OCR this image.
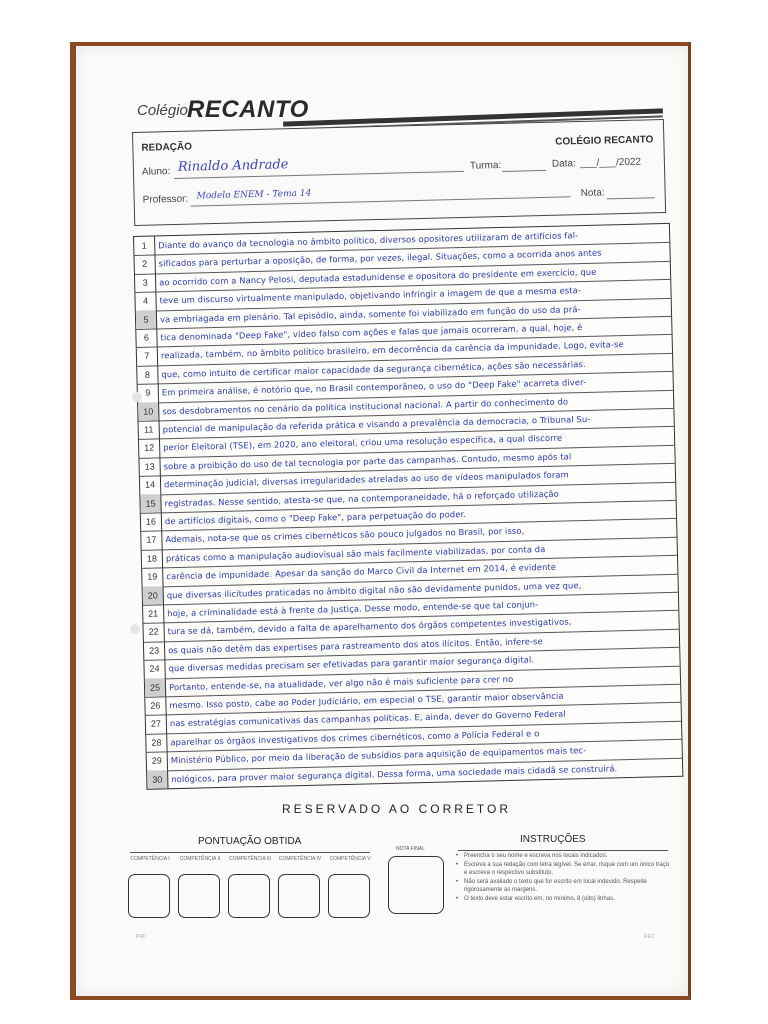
Colégio RECANTO
REDAÇÃO	COLÉGIO RECANTO
Aluno: Rinaldo Andrade	Turma:	Data: ___/___/2022
Professor: Modelo ENEM - Tema 14	Nota:
1	Diante do avanço da tecnologia no âmbito político, diversos opositores utilizaram de artifícios fal-
2	sificados para perturbar a oposição, de forma, por vezes, ilegal. Situações, como a ocorrida anos antes
3	ao ocorrido com a Nancy Pelosi, deputada estadunidense e opositora do presidente em exercício, que
4	teve um discurso virtualmente manipulado, objetivando infringir a imagem de que a mesma esta-
5	va embriagada em plenário. Tal episódio, ainda, somente foi viabilizado em função do uso da prá-
6	tica denominada "Deep Fake", vídeo falso com ações e falas que jamais ocorreram, a qual, hoje, é
7	realizada, também, no âmbito político brasileiro, em decorrência da carência da impunidade. Logo, evita-se
8	que, como intuito de certificar maior capacidade da segurança cibernética, ações são necessárias.
9	Em primeira análise, é notório que, no Brasil contemporâneo, o uso do "Deep Fake" acarreta diver-
10	sos desdobramentos no cenário da política institucional nacional. A partir do conhecimento do
11	potencial de manipulação da referida prática e visando a prevalência da democracia, o Tribunal Su-
12	perior Eleitoral (TSE), em 2020, ano eleitoral, criou uma resolução específica, a qual discorre
13	sobre a proibição do uso de tal tecnologia por parte das campanhas. Contudo, mesmo após tal
14	determinação judicial, diversas irregularidades atreladas ao uso de vídeos manipulados foram
15	registradas. Nesse sentido, atesta-se que, na contemporaneidade, há o reforçado utilização
16	de artifícios digitais, como o "Deep Fake", para perpetuação do poder.
17	Ademais, nota-se que os crimes cibernéticos são pouco julgados no Brasil, por isso,
18	práticas como a manipulação audiovisual são mais facilmente viabilizadas, por conta da
19	carência de impunidade. Apesar da sanção do Marco Civil da Internet em 2014, é evidente
20	que diversas ilicitudes praticadas no âmbito digital não são devidamente punidos, uma vez que,
21	hoje, a criminalidade está à frente da Justiça. Desse modo, entende-se que tal conjun-
22	tura se dá, também, devido a falta de aparelhamento dos órgãos competentes investigativos,
23	os quais não detêm das expertises para rastreamento dos atos ilícitos. Então, infere-se
24	que diversas medidas precisam ser efetivadas para garantir maior segurança digital.
25	Portanto, entende-se, na atualidade, ver algo não é mais suficiente para crer no
26	mesmo. Isso posto, cabe ao Poder Judiciário, em especial o TSE, garantir maior observância
27	nas estratégias comunicativas das campanhas políticas. E, ainda, dever do Governo Federal
28	aparelhar os órgãos investigativos dos crimes cibernéticos, como a Polícia Federal e o
29	Ministério Público, por meio da liberação de subsídios para aquisição de equipamentos mais tec-
30	nológicos, para prover maior segurança digital. Dessa forma, uma sociedade mais cidadã se construirá.
RESERVADO AO CORRETOR
PONTUAÇÃO OBTIDA
COMPETÊNCIA I	COMPETÊNCIA II	COMPETÊNCIA III	COMPETÊNCIA IV	COMPETÊNCIA V
NOTA FINAL
INSTRUÇÕES
• Preencha o seu nome e escreva nos locais indicados.
• Escreva a sua redação com letra legível. Se errar, risque com um único traço e escreva o respectivo substituto.
• Não será avaliado o texto que for escrito em local indevido. Respeite rigorosamente as margens.
• O texto deve estar escrito em, no mínimo, 8 (oito) linhas.
PRD	REC
